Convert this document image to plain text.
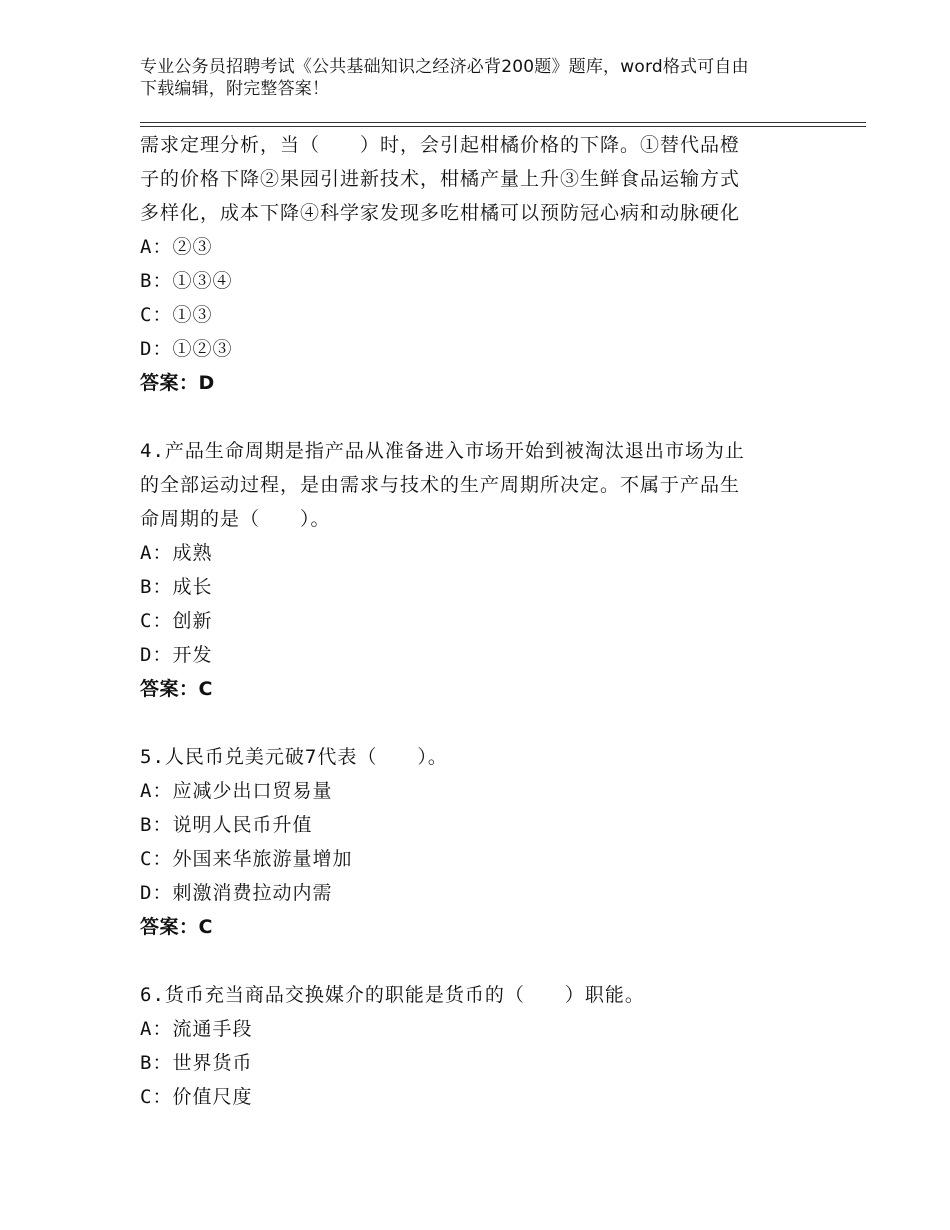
专业公务员招聘考试《公共基础知识之经济必背200题》题库，word格式可自由
下载编辑，附完整答案！
需求定理分析，当（　　）时，会引起柑橘价格的下降。①替代品橙
子的价格下降②果园引进新技术，柑橘产量上升③生鲜食品运输方式
多样化，成本下降④科学家发现多吃柑橘可以预防冠心病和动脉硬化
A：②③
B：①③④
C：①③
D：①②③
答案：D
4.产品生命周期是指产品从准备进入市场开始到被淘汰退出市场为止
的全部运动过程，是由需求与技术的生产周期所决定。不属于产品生
命周期的是（　　）。
A：成熟
B：成长
C：创新
D：开发
答案：C
5.人民币兑美元破7代表（　　）。
A：应减少出口贸易量
B：说明人民币升值
C：外国来华旅游量增加
D：刺激消费拉动内需
答案：C
6.货币充当商品交换媒介的职能是货币的（　　）职能。
A：流通手段
B：世界货币
C：价值尺度
